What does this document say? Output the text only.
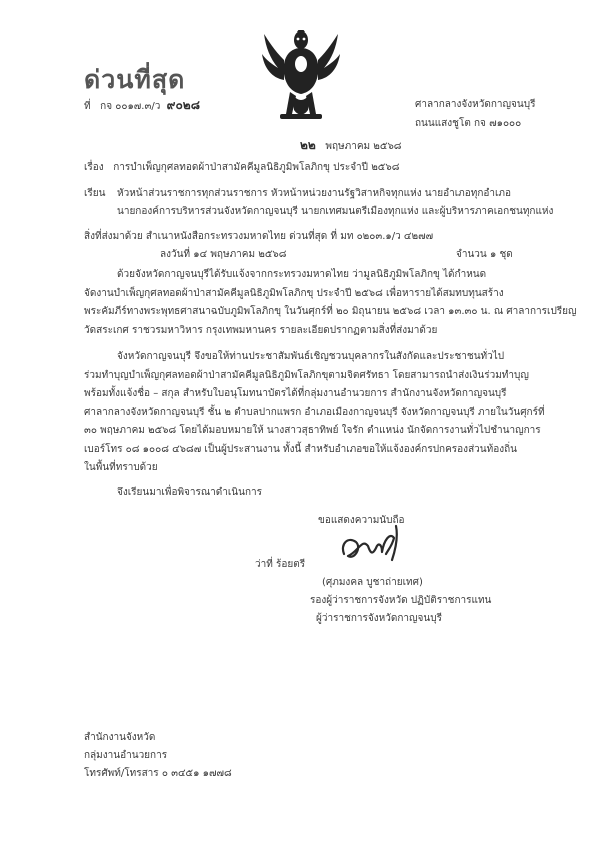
ด่วนที่สุด
ที่ กจ ๐๐๑๗.๓/ว ๙๐๒๘	ศาลากลางจังหวัดกาญจนบุรี
ถนนแสงชูโต กจ ๗๑๐๐๐
๒๒ พฤษภาคม ๒๕๖๘
เรื่อง การบำเพ็ญกุศลทอดผ้าป่าสามัคคีมูลนิธิภูมิพโลภิกขุ ประจำปี ๒๕๖๘
เรียน หัวหน้าส่วนราชการทุกส่วนราชการ หัวหน้าหน่วยงานรัฐวิสาหกิจทุกแห่ง นายอำเภอทุกอำเภอ
นายกองค์การบริหารส่วนจังหวัดกาญจนบุรี นายกเทศมนตรีเมืองทุกแห่ง และผู้บริหารภาคเอกชนทุกแห่ง
สิ่งที่ส่งมาด้วย สำเนาหนังสือกระทรวงมหาดไทย ด่วนที่สุด ที่ มท ๐๒๐๓.๑/ว ๔๒๗๗
ลงวันที่ ๑๔ พฤษภาคม ๒๕๖๘	จำนวน ๑ ชุด
ด้วยจังหวัดกาญจนบุรีได้รับแจ้งจากกระทรวงมหาดไทย ว่ามูลนิธิภูมิพโลภิกขุ ได้กำหนด
จัดงานบำเพ็ญกุศลทอดผ้าป่าสามัคคีมูลนิธิภูมิพโลภิกขุ ประจำปี ๒๕๖๘ เพื่อหารายได้สมทบทุนสร้าง
พระคัมภีร์ทางพระพุทธศาสนาฉบับภูมิพโลภิกขุ ในวันศุกร์ที่ ๒๐ มิถุนายน ๒๕๖๘ เวลา ๑๓.๓๐ น. ณ ศาลาการเปรียญ
วัดสระเกศ ราชวรมหาวิหาร กรุงเทพมหานคร รายละเอียดปรากฏตามสิ่งที่ส่งมาด้วย
จังหวัดกาญจนบุรี จึงขอให้ท่านประชาสัมพันธ์เชิญชวนบุคลากรในสังกัดและประชาชนทั่วไป
ร่วมทำบุญบำเพ็ญกุศลทอดผ้าป่าสามัคคีมูลนิธิภูมิพโลภิกขุตามจิตศรัทธา โดยสามารถนำส่งเงินร่วมทำบุญ
พร้อมทั้งแจ้งชื่อ – สกุล สำหรับใบอนุโมทนาบัตรได้ที่กลุ่มงานอำนวยการ สำนักงานจังหวัดกาญจนบุรี
ศาลากลางจังหวัดกาญจนบุรี ชั้น ๒ ตำบลปากแพรก อำเภอเมืองกาญจนบุรี จังหวัดกาญจนบุรี ภายในวันศุกร์ที่
๓๐ พฤษภาคม ๒๕๖๘ โดยได้มอบหมายให้ นางสาวสุธาทิพย์ ใจรัก ตำแหน่ง นักจัดการงานทั่วไปชำนาญการ
เบอร์โทร ๐๘ ๑๐๐๘ ๔๖๘๗ เป็นผู้ประสานงาน ทั้งนี้ สำหรับอำเภอขอให้แจ้งองค์กรปกครองส่วนท้องถิ่น
ในพื้นที่ทราบด้วย
จึงเรียนมาเพื่อพิจารณาดำเนินการ
ขอแสดงความนับถือ
ว่าที่ ร้อยตรี
(ศุภมงคล บูชาถ่ายเทศ)
รองผู้ว่าราชการจังหวัด ปฏิบัติราชการแทน
ผู้ว่าราชการจังหวัดกาญจนบุรี
สำนักงานจังหวัด
กลุ่มงานอำนวยการ
โทรศัพท์/โทรสาร ๐ ๓๔๕๑ ๑๗๗๘
